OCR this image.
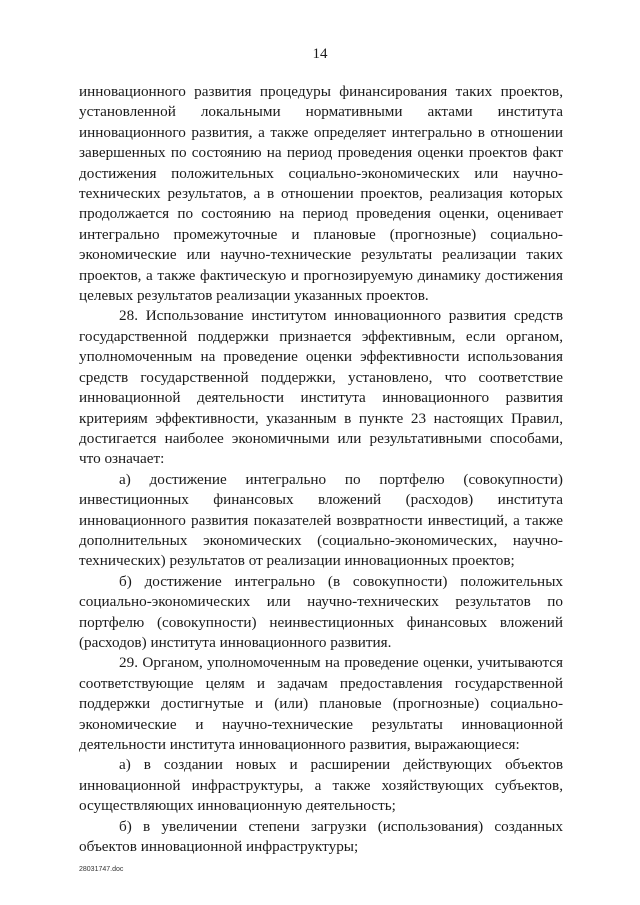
14

инновационного развития процедуры финансирования таких проектов, установленной локальными нормативными актами института инновационного развития, а также определяет интегрально в отношении завершенных по состоянию на период проведения оценки проектов факт достижения положительных социально-экономических или научно-технических результатов, а в отношении проектов, реализация которых продолжается по состоянию на период проведения оценки, оценивает интегрально промежуточные и плановые (прогнозные) социально-экономические или научно-технические результаты реализации таких проектов, а также фактическую и прогнозируемую динамику достижения целевых результатов реализации указанных проектов.

28. Использование институтом инновационного развития средств государственной поддержки признается эффективным, если органом, уполномоченным на проведение оценки эффективности использования средств государственной поддержки, установлено, что соответствие инновационной деятельности института инновационного развития критериям эффективности, указанным в пункте 23 настоящих Правил, достигается наиболее экономичными или результативными способами, что означает:

а) достижение интегрально по портфелю (совокупности) инвестиционных финансовых вложений (расходов) института инновационного развития показателей возвратности инвестиций, а также дополнительных экономических (социально-экономических, научно-технических) результатов от реализации инновационных проектов;

б) достижение интегрально (в совокупности) положительных социально-экономических или научно-технических результатов по портфелю (совокупности) неинвестиционных финансовых вложений (расходов) института инновационного развития.

29. Органом, уполномоченным на проведение оценки, учитываются соответствующие целям и задачам предоставления государственной поддержки достигнутые и (или) плановые (прогнозные) социально-экономические и научно-технические результаты инновационной деятельности института инновационного развития, выражающиеся:

а) в создании новых и расширении действующих объектов инновационной инфраструктуры, а также хозяйствующих субъектов, осуществляющих инновационную деятельность;

б) в увеличении степени загрузки (использования) созданных объектов инновационной инфраструктуры;

28031747.doc
